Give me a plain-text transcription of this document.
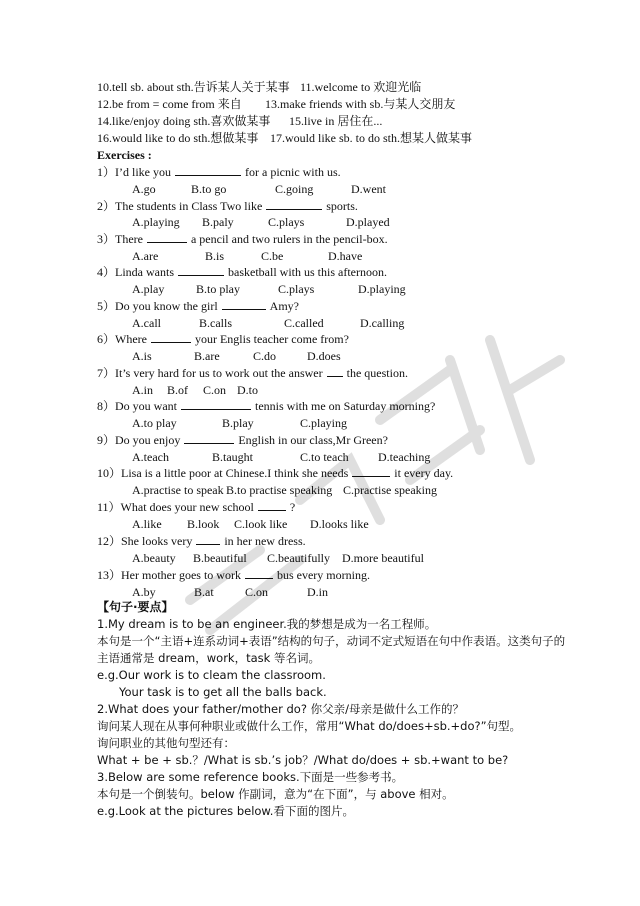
10.tell sb. about sth.告诉某人关于某事 11.welcome to 欢迎光临
12.be from = come from 来自 13.make friends with sb.与某人交朋友
14.like/enjoy doing sth.喜欢做某事 15.live in 居住在...
16.would like to do sth.想做某事 17.would like sb. to do sth.想某人做某事
Exercises :
1）I’d like you	for a picnic with us.
A.go	B.to go	C.going	D.went
2）The students in Class Two like	sports.
A.playing B.paly	C.plays	D.played
3）There	a pencil and two rulers in the pencil-box.
A.are	B.is	C.be	D.have
4）Linda wants	basketball with us this afternoon.
A.play	B.to play	C.plays	D.playing
5）Do you know the girl	Amy?
A.call	B.calls	C.called	D.calling
6）Where	your Englis teacher come from?
A.is	B.are	C.do	D.does
7）It’s very hard for us to work out the answer the question.
A.in B.of C.on D.to
8）Do you want	tennis with me on Saturday morning?
A.to play	B.play	C.playing
9）Do you enjoy	English in our class,Mr Green?
A.teach	B.taught	C.to teach D.teaching
10）Lisa is a little poor at Chinese.I think she needs	it every day.
A.practise to speak B.to practise speaking C.practise speaking
11）What does your new school	?
A.like B.look C.look like D.looks like
12）She looks very	in her new dress.
A.beauty B.beautiful C.beautifully D.more beautiful
13）Her mother goes to work	bus every morning.
A.by	B.at	C.on	D.in
【句子·要点】
1.My dream is to be an engineer.我的梦想是成为一名工程师。
本句是一个“主语+连系动词+表语”结构的句子，动词不定式短语在句中作表语。这类句子的
主语通常是 dream，work，task 等名词。
e.g.Our work is to cleam the classroom.
Your task is to get all the balls back.
2.What does your father/mother do? 你父亲/母亲是做什么工作的？
询问某人现在从事何种职业或做什么工作，常用“What do/does+sb.+do?”句型。
询问职业的其他句型还有：
What + be + sb.？/What is sb.’s job？/What do/does + sb.+want to be?
3.Below are some reference books.下面是一些参考书。
本句是一个倒装句。below 作副词，意为“在下面”，与 above 相对。
e.g.Look at the pictures below.看下面的图片。
